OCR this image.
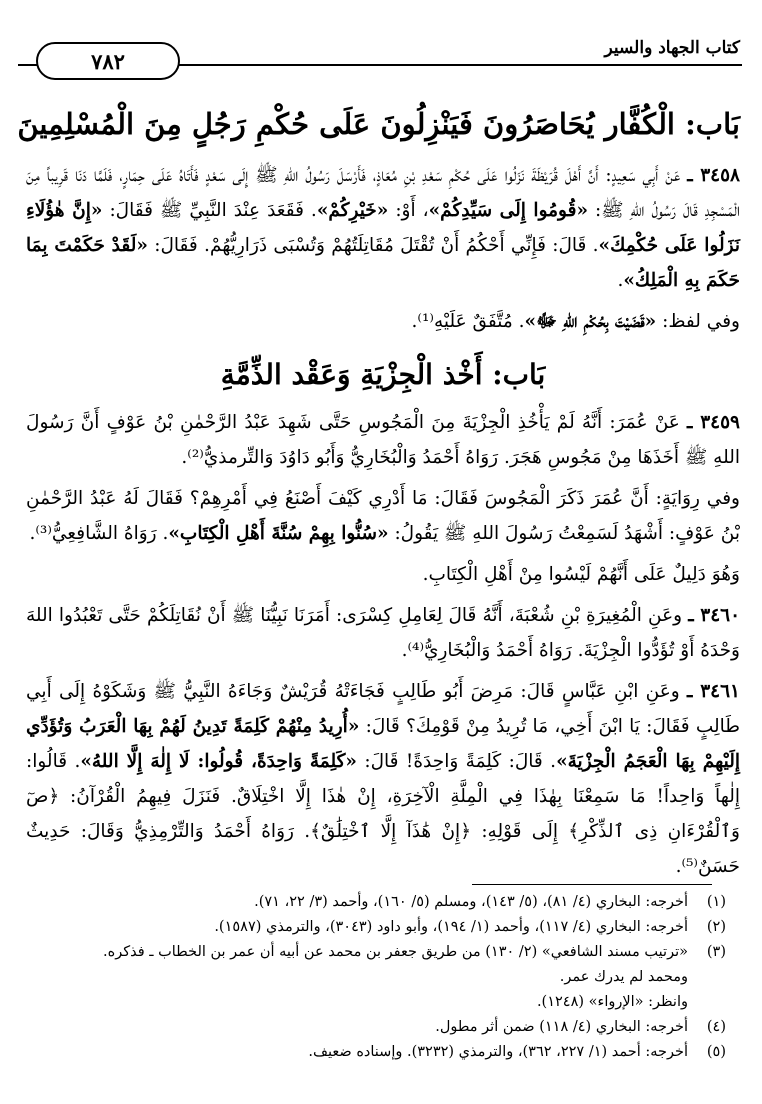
كتاب الجهاد والسير
٧٨٢
بَاب: الْكُفَّار يُحَاصَرُونَ فَيَنْزِلُونَ عَلَى حُكْمِ رَجُلٍ مِنَ الْمُسْلِمِينَ

٣٤٥٨ ـ عَنْ أَبِي سَعِيدٍ: أَنَّ أَهْلَ قُرَيْظَةَ نَزَلُوا عَلَى حُكْمِ سَعْدِ بْنِ مُعَاذٍ، فَأَرْسَلَ رَسُولُ اللهِ ﷺ إِلَى سَعْدٍ فَأَتَاهُ عَلَى حِمَارٍ، فَلَمَّا دَنَا قَرِيباً مِنَ الْمَسْجِدِ قَالَ رَسُولُ اللهِ ﷺ: «قُومُوا إِلَى سَيِّدِكُمْ»، أَوْ: «خَيْرِكُمْ». فَقَعَدَ عِنْدَ النَّبِيِّ ﷺ فَقَالَ: «إِنَّ هٰؤُلَاءِ نَزَلُوا عَلَى حُكْمِكَ». قَالَ: فَإِنِّي أَحْكُمُ أَنْ تُقْتَلَ مُقَاتِلَتُهُمْ وَتُسْبَى ذَرَارِيُّهُمْ. فَقَالَ: «لَقَدْ حَكَمْتَ بِمَا حَكَمَ بِهِ الْمَلِكُ».

وفي لفظ: «قَضَيْتَ بِحُكْمِ اللهِ ﷻ». مُتَّفَقٌ عَلَيْهِ⁽¹⁾.

بَاب: أَخْذ الْجِزْيَةِ وَعَقْد الذِّمَّةِ

٣٤٥٩ ـ عَنْ عُمَرَ: أَنَّهُ لَمْ يَأْخُذِ الْجِزْيَةَ مِنَ الْمَجُوسِ حَتَّى شَهِدَ عَبْدُ الرَّحْمٰنِ بْنُ عَوْفٍ أَنَّ رَسُولَ اللهِ ﷺ أَخَذَهَا مِنْ مَجُوسِ هَجَرَ. رَوَاهُ أَحْمَدُ وَالْبُخَارِيُّ وَأَبُو دَاوُدَ وَالتِّرمذيُّ⁽²⁾.

وفي رِوَايَةٍ: أَنَّ عُمَرَ ذَكَرَ الْمَجُوسَ فَقَالَ: مَا أَدْرِي كَيْفَ أَصْنَعُ فِي أَمْرِهِمْ؟ فَقَالَ لَهُ عَبْدُ الرَّحْمٰنِ بْنُ عَوْفٍ: أَشْهَدُ لَسَمِعْتُ رَسُولَ اللهِ ﷺ يَقُولُ: «سُنُّوا بِهِمْ سُنَّةَ أَهْلِ الْكِتَابِ». رَوَاهُ الشَّافِعِيُّ⁽³⁾.

وَهُوَ دَلِيلٌ عَلَى أَنَّهُمْ لَيْسُوا مِنْ أَهْلِ الْكِتَابِ.

٣٤٦٠ ـ وعَنِ الْمُغِيرَةِ بْنِ شُعْبَةَ، أَنَّهُ قَالَ لِعَامِلِ كِسْرَى: أَمَرَنَا نَبِيُّنَا ﷺ أَنْ نُقَاتِلَكُمْ حَتَّى تَعْبُدُوا اللهَ وَحْدَهُ أَوْ تُؤَدُّوا الْجِزْيَةَ. رَوَاهُ أَحْمَدُ وَالْبُخَارِيُّ⁽⁴⁾.

٣٤٦١ ـ وعَنِ ابْنِ عَبَّاسٍ قَالَ: مَرِضَ أَبُو طَالِبٍ فَجَاءَتْهُ قُرَيْشٌ وَجَاءَهُ النَّبِيُّ ﷺ وَشَكَوْهُ إِلَى أَبِي طَالِبٍ فَقَالَ: يَا ابْنَ أَخِي، مَا تُرِيدُ مِنْ قَوْمِكَ؟ قَالَ: «أُرِيدُ مِنْهُمْ كَلِمَةً تَدِينُ لَهُمْ بِهَا الْعَرَبُ وَتُؤَدِّي إِلَيْهِمْ بِهَا الْعَجَمُ الْجِزْيَةَ». قَالَ: كَلِمَةً وَاحِدَةً! قَالَ: «كَلِمَةً وَاحِدَةً، قُولُوا: لَا إِلٰهَ إِلَّا اللهُ». قَالُوا: إِلٰهاً وَاحِداً! مَا سَمِعْنَا بِهٰذَا فِي الْمِلَّةِ الْآخِرَةِ، إِنْ هٰذَا إِلَّا اخْتِلَاقٌ. فَنَزَلَ فِيهِمُ الْقُرْآنُ: ﴿صٓ وَٱلْقُرْءَانِ ذِى ٱلذِّكْرِ﴾ إِلَى قَوْلِهِ: ﴿إِنْ هَٰذَآ إِلَّا ٱخْتِلَٰقٌ﴾. رَوَاهُ أَحْمَدُ وَالتِّرْمِذِيُّ وَقَالَ: حَدِيثٌ حَسَنٌ⁽⁵⁾.

(١)
أخرجه: البخاري (٤/ ٨١)، (٥/ ١٤٣)، ومسلم (٥/ ١٦٠)، وأحمد (٣/ ٢٢، ٧١).
(٢)
أخرجه: البخاري (٤/ ١١٧)، وأحمد (١/ ١٩٤)، وأبو داود (٣٠٤٣)، والترمذي (١٥٨٧).
(٣)
«ترتيب مسند الشافعي» (٢/ ١٣٠) من طريق جعفر بن محمد عن أبيه أن عمر بن الخطاب ـ فذكره.
ومحمد لم يدرك عمر.
وانظر: «الإرواء» (١٢٤٨).
(٤)
أخرجه: البخاري (٤/ ١١٨) ضمن أثر مطول.
(٥)
أخرجه: أحمد (١/ ٢٢٧، ٣٦٢)، والترمذي (٣٢٣٢). وإسناده ضعيف.
